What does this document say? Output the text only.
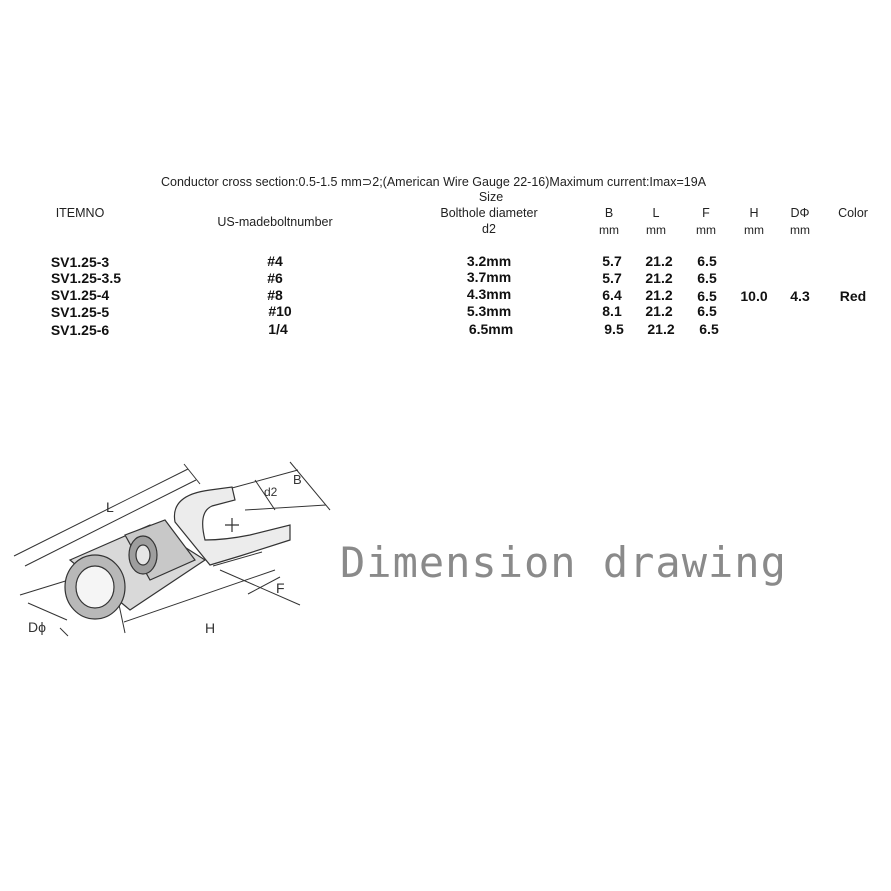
Conductor cross section:0.5-1.5 mm⊃2;(American Wire Gauge 22-16)Maximum current:Imax=19A
Size
ITEMNO
US-madeboltnumber
Bolthole diameter
d2
B
mm
L
mm
F
mm
H
mm
DΦ
mm
Color
SV1.25-3
SV1.25-3.5
SV1.25-4
SV1.25-5
SV1.25-6
#4
#6
#8
#10
1/4
3.2mm
3.7mm
4.3mm
5.3mm
6.5mm
5.7
5.7
6.4
8.1
9.5
21.2
21.2
21.2
21.2
21.2
6.5
6.5
6.5
6.5
6.5
10.0 4.3 Red
L
B
d2
F
H
Dϕ
Dimension drawing
